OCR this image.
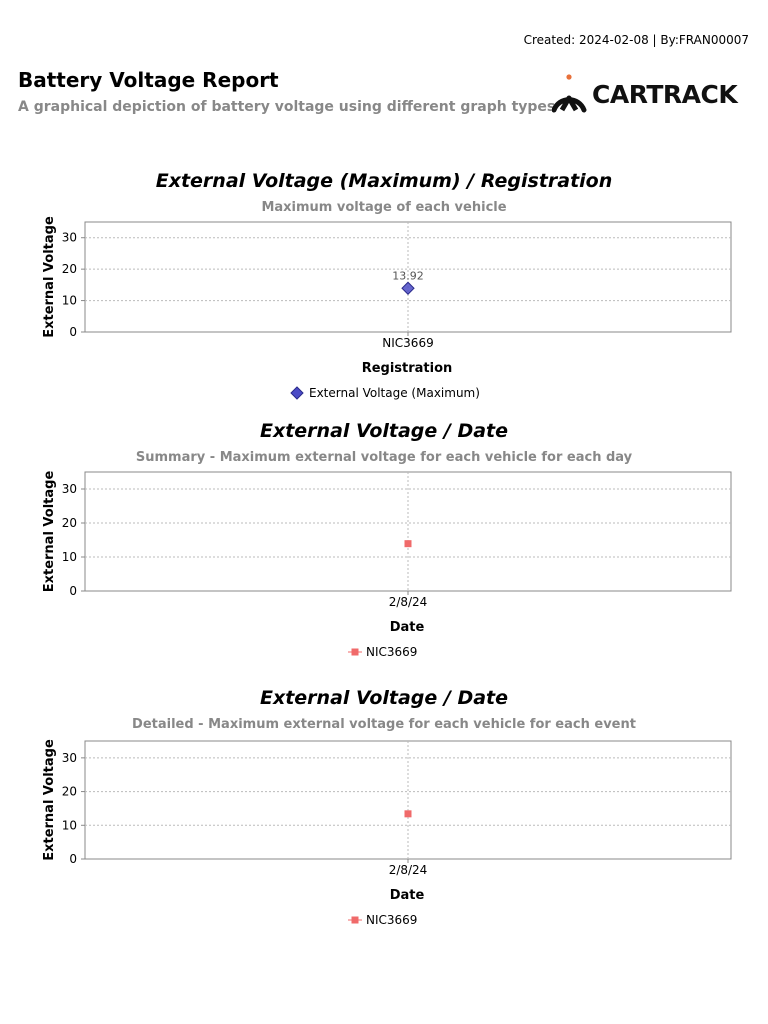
Created: 2024-02-08 | By:FRAN00007
Battery Voltage Report
A graphical depiction of battery voltage using different graph types CARTRACK
External Voltage (Maximum) / Registration
Maximum voltage of each vehicle
0
10
20
30
NIC3669
External Voltage
Registration
13.92
External Voltage (Maximum)
External Voltage / Date
Summary - Maximum external voltage for each vehicle for each day
0
10
20
30
2/8/24
External Voltage
Date
NIC3669
External Voltage / Date
Detailed - Maximum external voltage for each vehicle for each event
0
10
20
30
2/8/24
External Voltage
Date
NIC3669
